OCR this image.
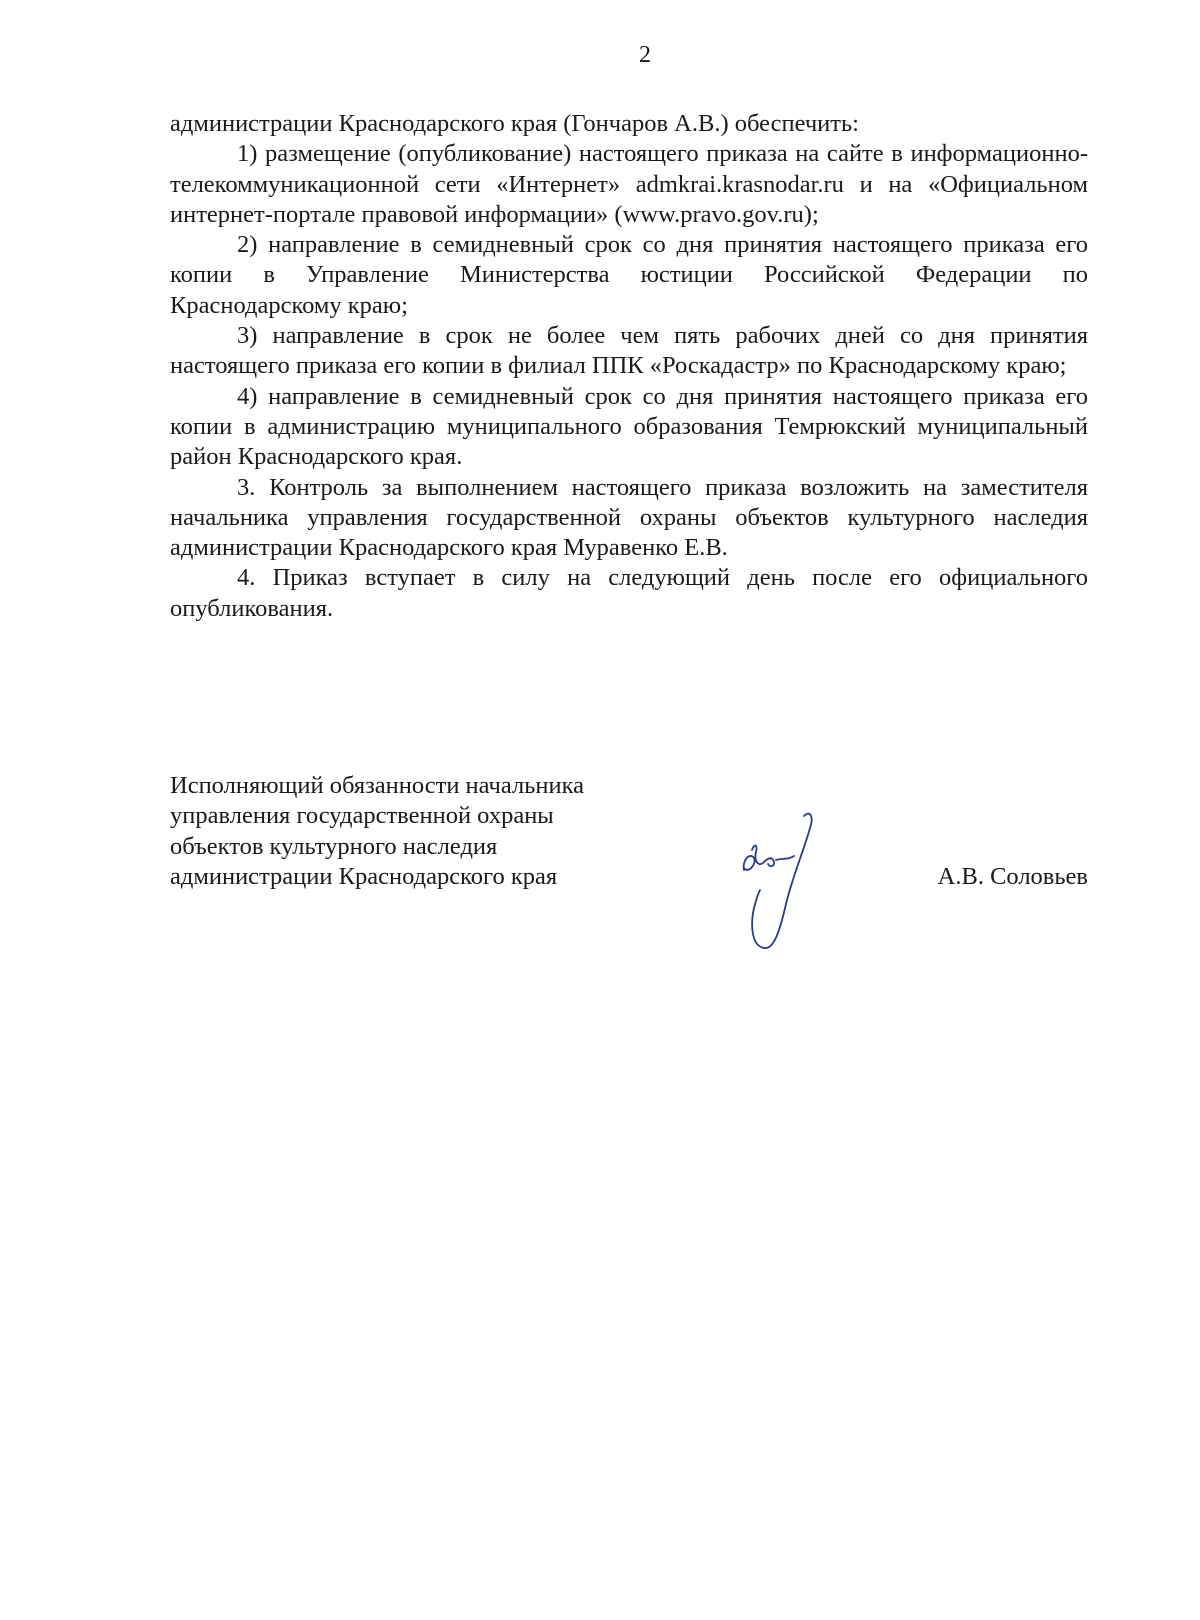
2

администрации Краснодарского края (Гончаров А.В.) обеспечить:

1) размещение (опубликование) настоящего приказа на сайте в информационно-телекоммуникационной сети «Интернет» admkrai.krasnodar.ru и на «Официальном интернет-портале правовой информации» (www.pravo.gov.ru);

2) направление в семидневный срок со дня принятия настоящего приказа его копии в Управление Министерства юстиции Российской Федерации по Краснодарскому краю;

3) направление в срок не более чем пять рабочих дней со дня принятия настоящего приказа его копии в филиал ППК «Роскадастр» по Краснодарскому краю;

4) направление в семидневный срок со дня принятия настоящего приказа его копии в администрацию муниципального образования Темрюкский муниципальный район Краснодарского края.

3. Контроль за выполнением настоящего приказа возложить на заместителя начальника управления государственной охраны объектов культурного наследия администрации Краснодарского края Муравенко Е.В.

4. Приказ вступает в силу на следующий день после его официального опубликования.

Исполняющий обязанности начальника
управления государственной охраны
объектов культурного наследия
администрации Краснодарского края	А.В. Соловьев
